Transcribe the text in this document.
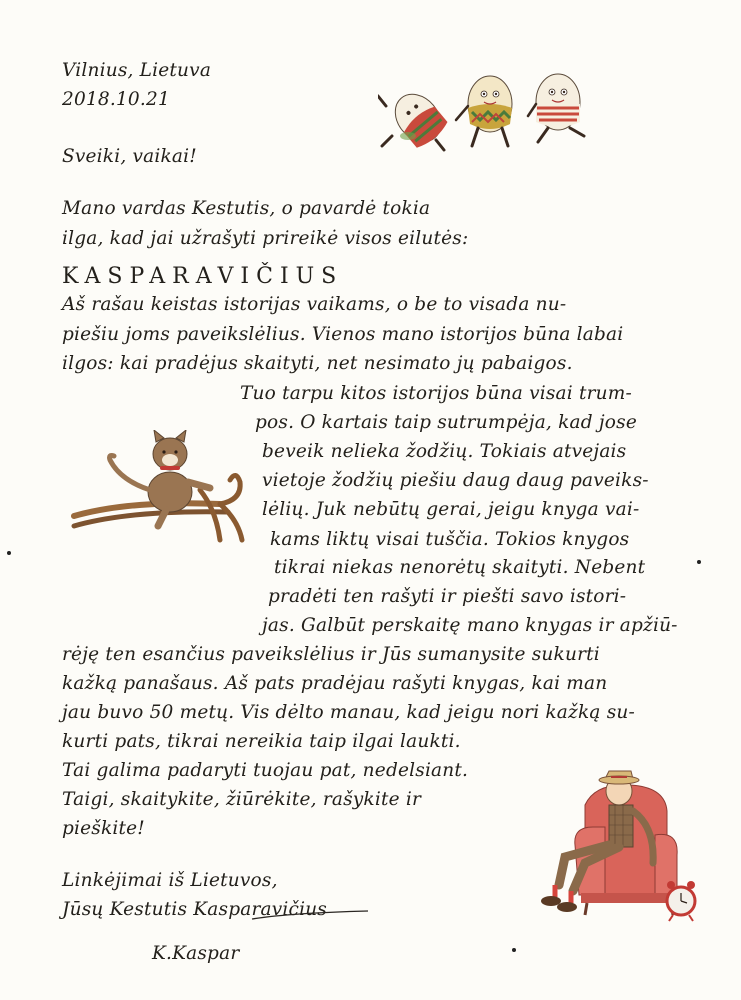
Vilnius, Lietuva
2018.10.21
Sveiki, vaikai!
Mano vardas Kestutis, o pavardė tokia
ilga, kad jai užrašyti prireikė visos eilutės:
KASPARAVIČIUS
Aš rašau keistas istorijas vaikams, o be to visada nu-
piešiu joms paveikslėlius. Vienos mano istorijos būna labai
ilgos: kai pradėjus skaityti, net nesimato jų pabaigos.
Tuo tarpu kitos istorijos būna visai trum-
pos. O kartais taip sutrumpėja, kad jose
beveik nelieka žodžių. Tokiais atvejais
vietoje žodžių piešiu daug daug paveiks-
lėlių. Juk nebūtų gerai, jeigu knyga vai-
kams liktų visai tuščia. Tokios knygos
tikrai niekas nenorėtų skaityti. Nebent
pradėti ten rašyti ir piešti savo istori-
jas. Galbūt perskaitę mano knygas ir apžiū-
rėję ten esančius paveikslėlius ir Jūs sumanysite sukurti
kažką panašaus. Aš pats pradėjau rašyti knygas, kai man
jau buvo 50 metų. Vis dėlto manau, kad jeigu nori kažką su-
kurti pats, tikrai nereikia taip ilgai laukti.
Tai galima padaryti tuojau pat, nedelsiant.
Taigi, skaitykite, žiūrėkite, rašykite ir
pieškite!
Linkėjimai iš Lietuvos,
Jūsų Kestutis Kasparavičius
K.Kaspar
